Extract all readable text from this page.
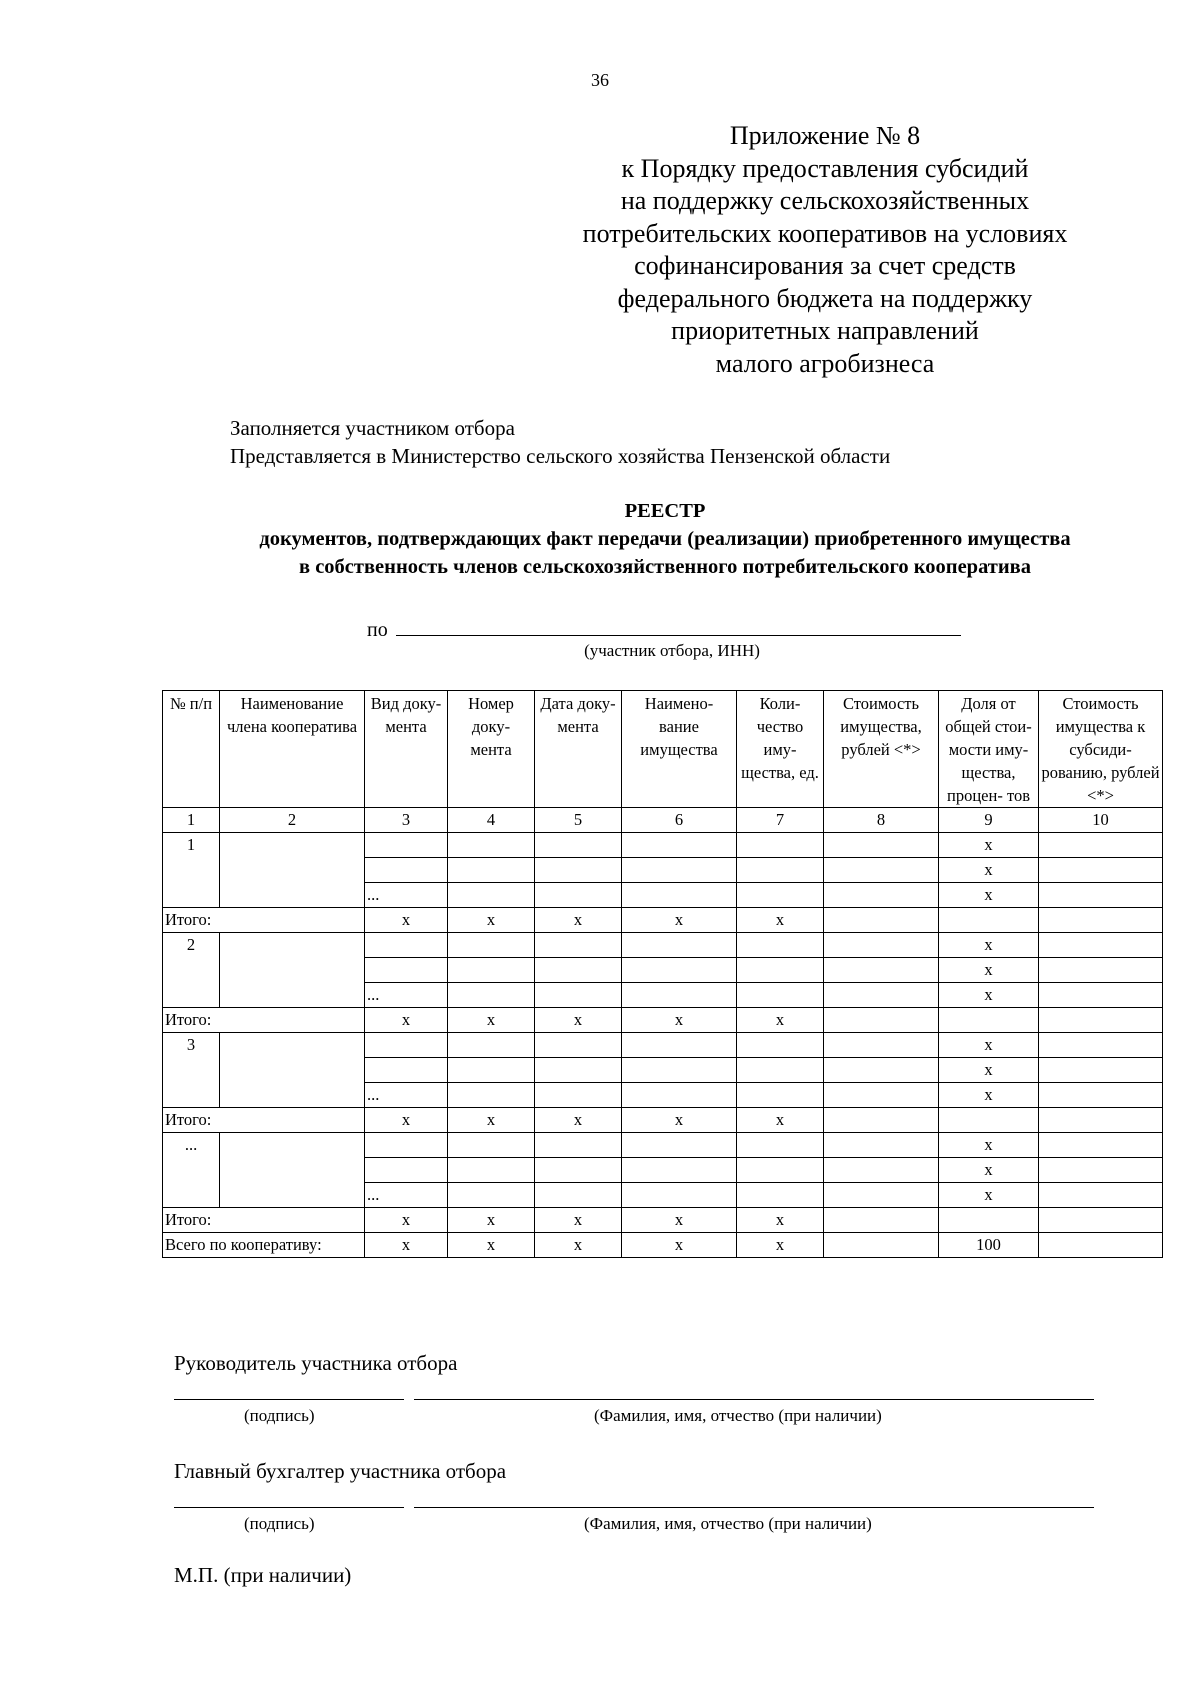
36
Приложение № 8
к Порядку предоставления субсидий
на поддержку сельскохозяйственных
потребительских кооперативов на условиях
софинансирования за счет средств
федерального бюджета на поддержку
приоритетных направлений
малого агробизнеса
Заполняется участником отбора
Представляется в Министерство сельского хозяйства Пензенской области
РЕЕСТР
документов, подтверждающих факт передачи (реализации) приобретенного имущества
в собственность членов сельскохозяйственного потребительского кооператива
по
(участник отбора, ИНН)
№ п/п	Наименование члена кооператива	Вид доку- мента	Номер доку- мента	Дата доку- мента	Наимено- вание имущества	Коли- чество иму- щества, ед.	Стоимость имущества, рублей <*>	Доля от общей стои- мости иму- щества, процен- тов	Стоимость имущества к субсиди- рованию, рублей <*>
1	2	3	4	5	6	7	8	9	10
1								x	
								x	
		...						x	
Итого:		x	x	x	x	x			
2								x	
								x	
		...						x	
Итого:		x	x	x	x	x			
3								x	
								x	
		...						x	
Итого:		x	x	x	x	x			
...								x	
								x	
		...						x	
Итого:		x	x	x	x	x			
Всего по кооперативу:		x	x	x	x	x		100	
Руководитель участника отбора
(подпись)	(Фамилия, имя, отчество (при наличии)
Главный бухгалтер участника отбора
(подпись)	(Фамилия, имя, отчество (при наличии)
М.П. (при наличии)
